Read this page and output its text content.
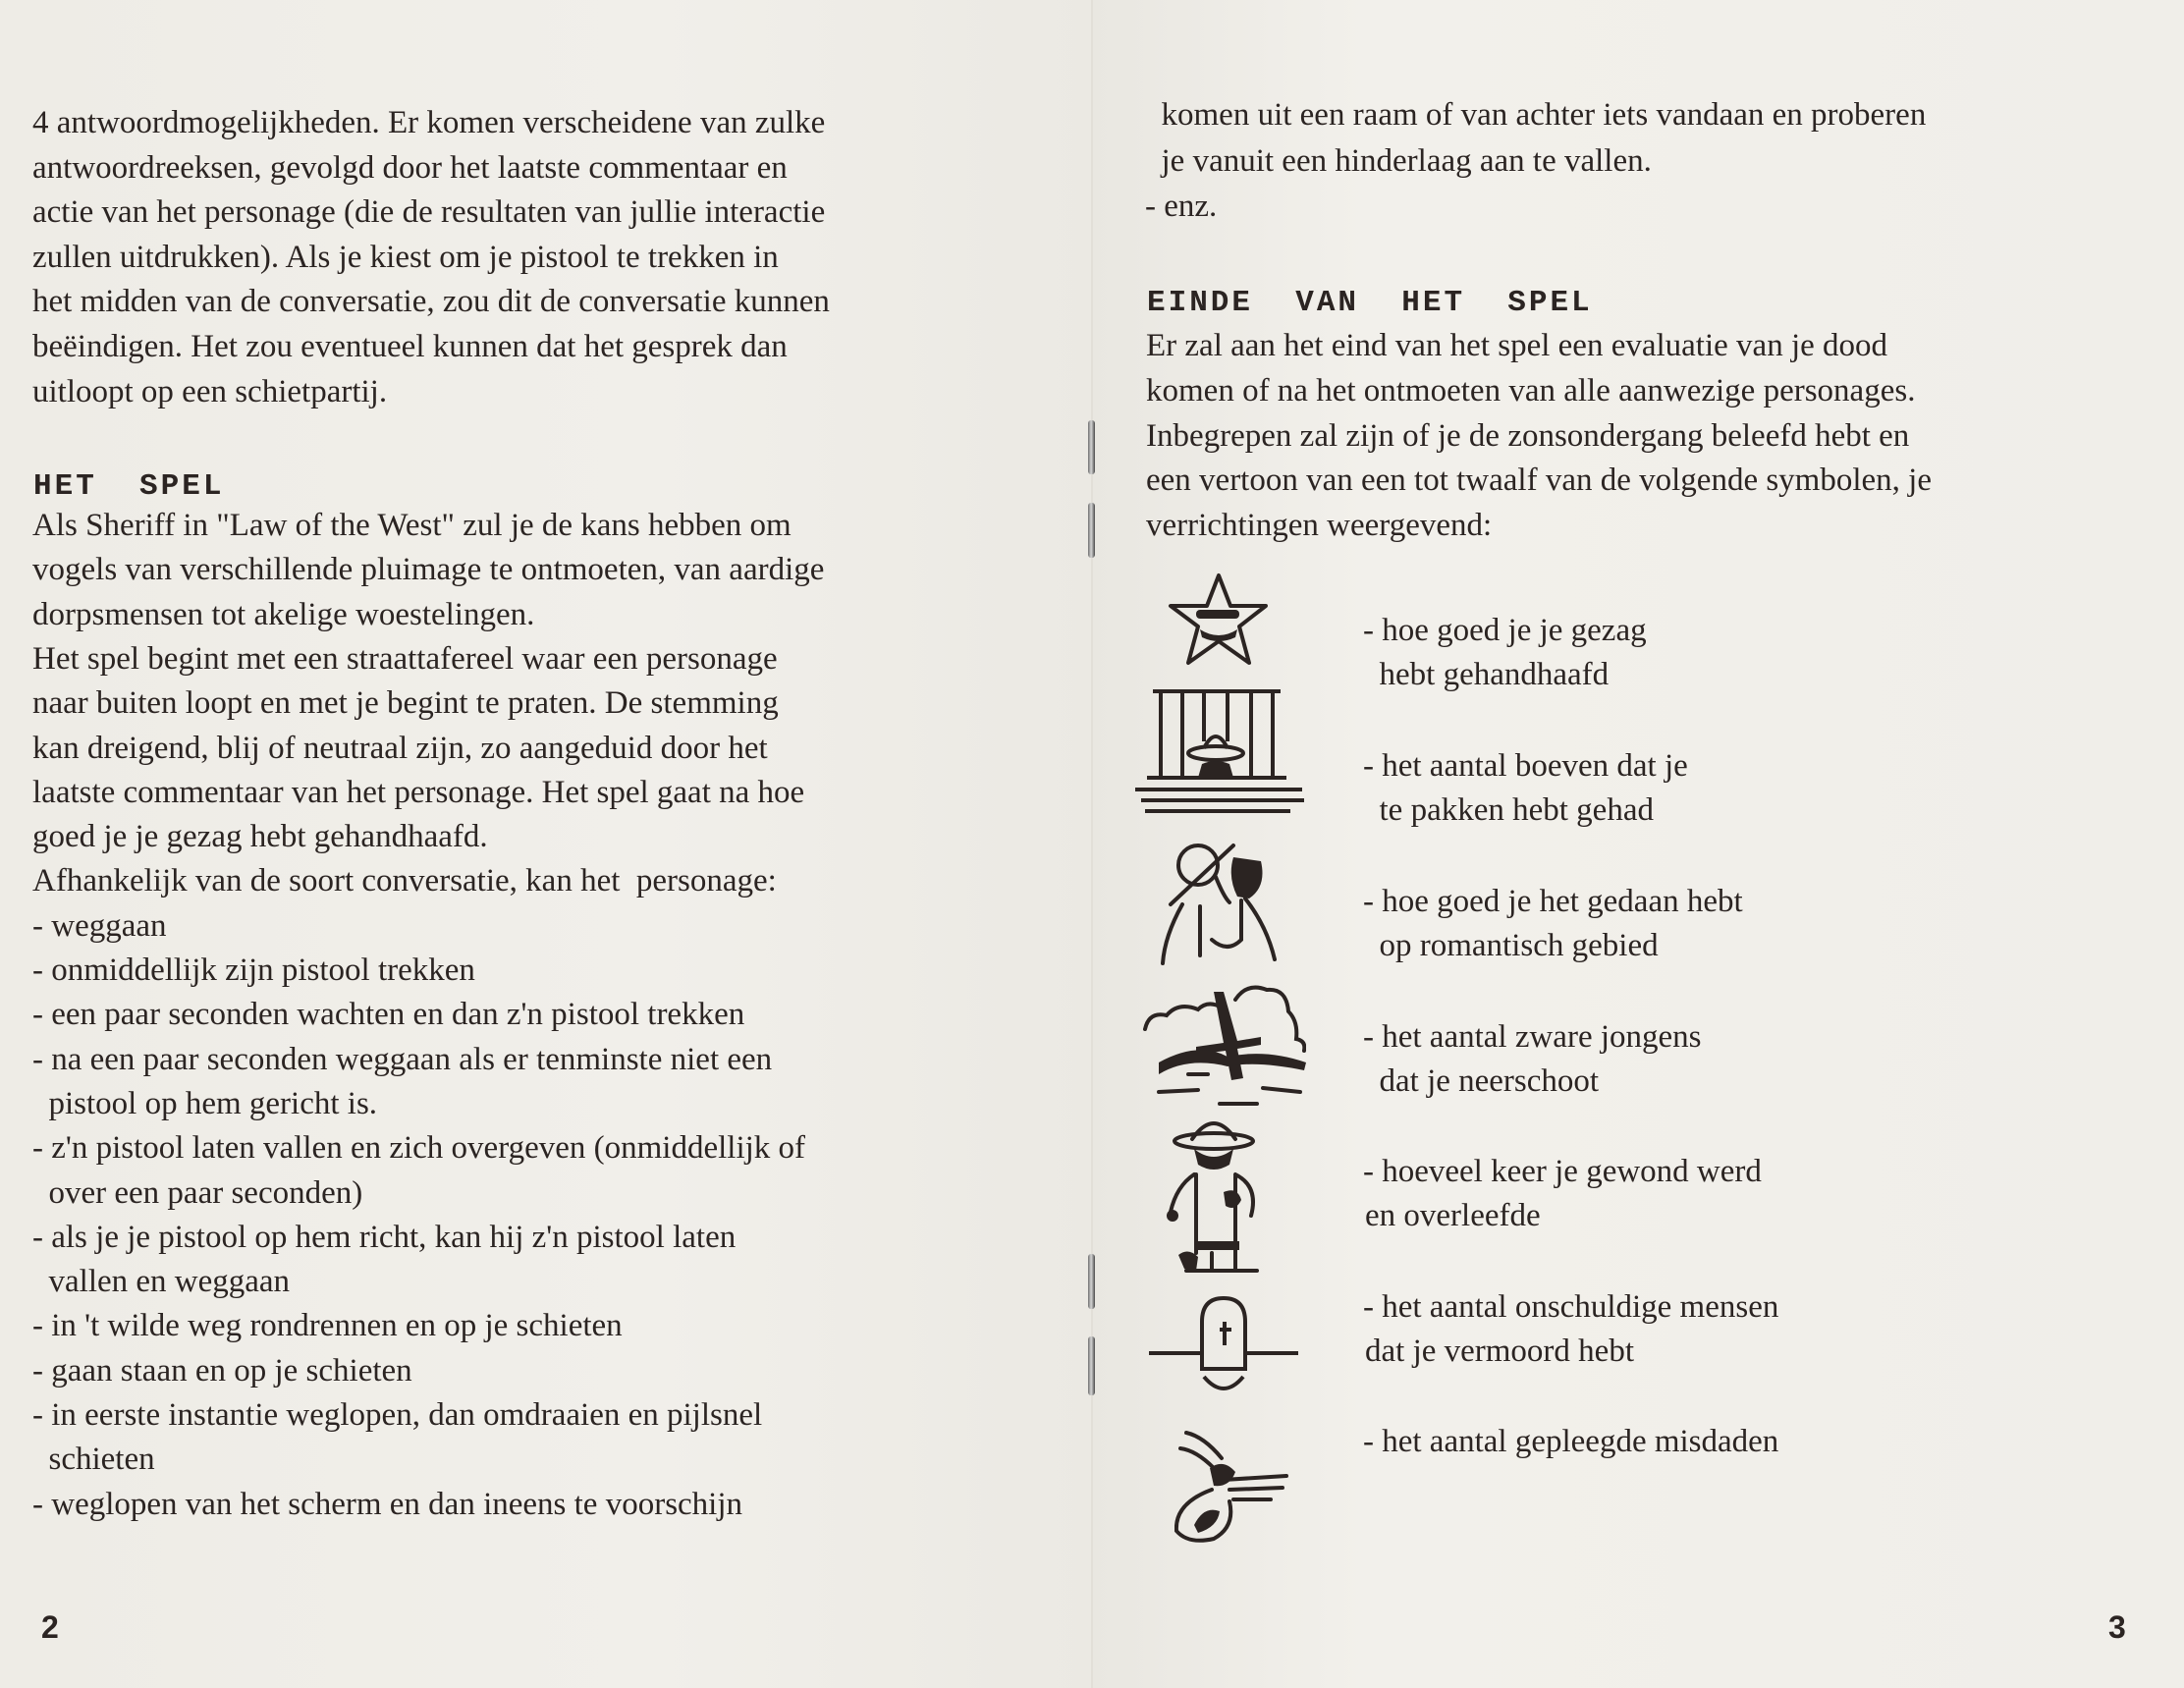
4 antwoordmogelijkheden. Er komen verscheidene van zulke
antwoordreeksen, gevolgd door het laatste commentaar en
actie van het personage (die de resultaten van jullie interactie
zullen uitdrukken). Als je kiest om je pistool te trekken in
het midden van de conversatie, zou dit de conversatie kunnen
beëindigen. Het zou eventueel kunnen dat het gesprek dan
uitloopt op een schietpartij.
HET  SPEL
Als Sheriff in "Law of the West" zul je de kans hebben om
vogels van verschillende pluimage te ontmoeten, van aardige
dorpsmensen tot akelige woestelingen.
Het spel begint met een straattafereel waar een personage
naar buiten loopt en met je begint te praten. De stemming
kan dreigend, blij of neutraal zijn, zo aangeduid door het
laatste commentaar van het personage. Het spel gaat na hoe
goed je je gezag hebt gehandhaafd.
Afhankelijk van de soort conversatie, kan het  personage:
- weggaan
- onmiddellijk zijn pistool trekken
- een paar seconden wachten en dan z'n pistool trekken
- na een paar seconden weggaan als er tenminste niet een
pistool op hem gericht is.
- z'n pistool laten vallen en zich overgeven (onmiddellijk of
over een paar seconden)
- als je je pistool op hem richt, kan hij z'n pistool laten
vallen en weggaan
- in 't wilde weg rondrennen en op je schieten
- gaan staan en op je schieten
- in eerste instantie weglopen, dan omdraaien en pijlsnel
schieten
- weglopen van het scherm en dan ineens te voorschijn
2
komen uit een raam of van achter iets vandaan en proberen
je vanuit een hinderlaag aan te vallen.
- enz.
EINDE  VAN  HET  SPEL
Er zal aan het eind van het spel een evaluatie van je dood
komen of na het ontmoeten van alle aanwezige personages.
Inbegrepen zal zijn of je de zonsondergang beleefd hebt en
een vertoon van een tot twaalf van de volgende symbolen, je
verrichtingen weergevend:
3
- hoe goed je je gezag
hebt gehandhaafd
- het aantal boeven dat je
te pakken hebt gehad
- hoe goed je het gedaan hebt
op romantisch gebied
- het aantal zware jongens
dat je neerschoot
- hoeveel keer je gewond werd
en overleefde
- het aantal onschuldige mensen
dat je vermoord hebt
- het aantal gepleegde misdaden
